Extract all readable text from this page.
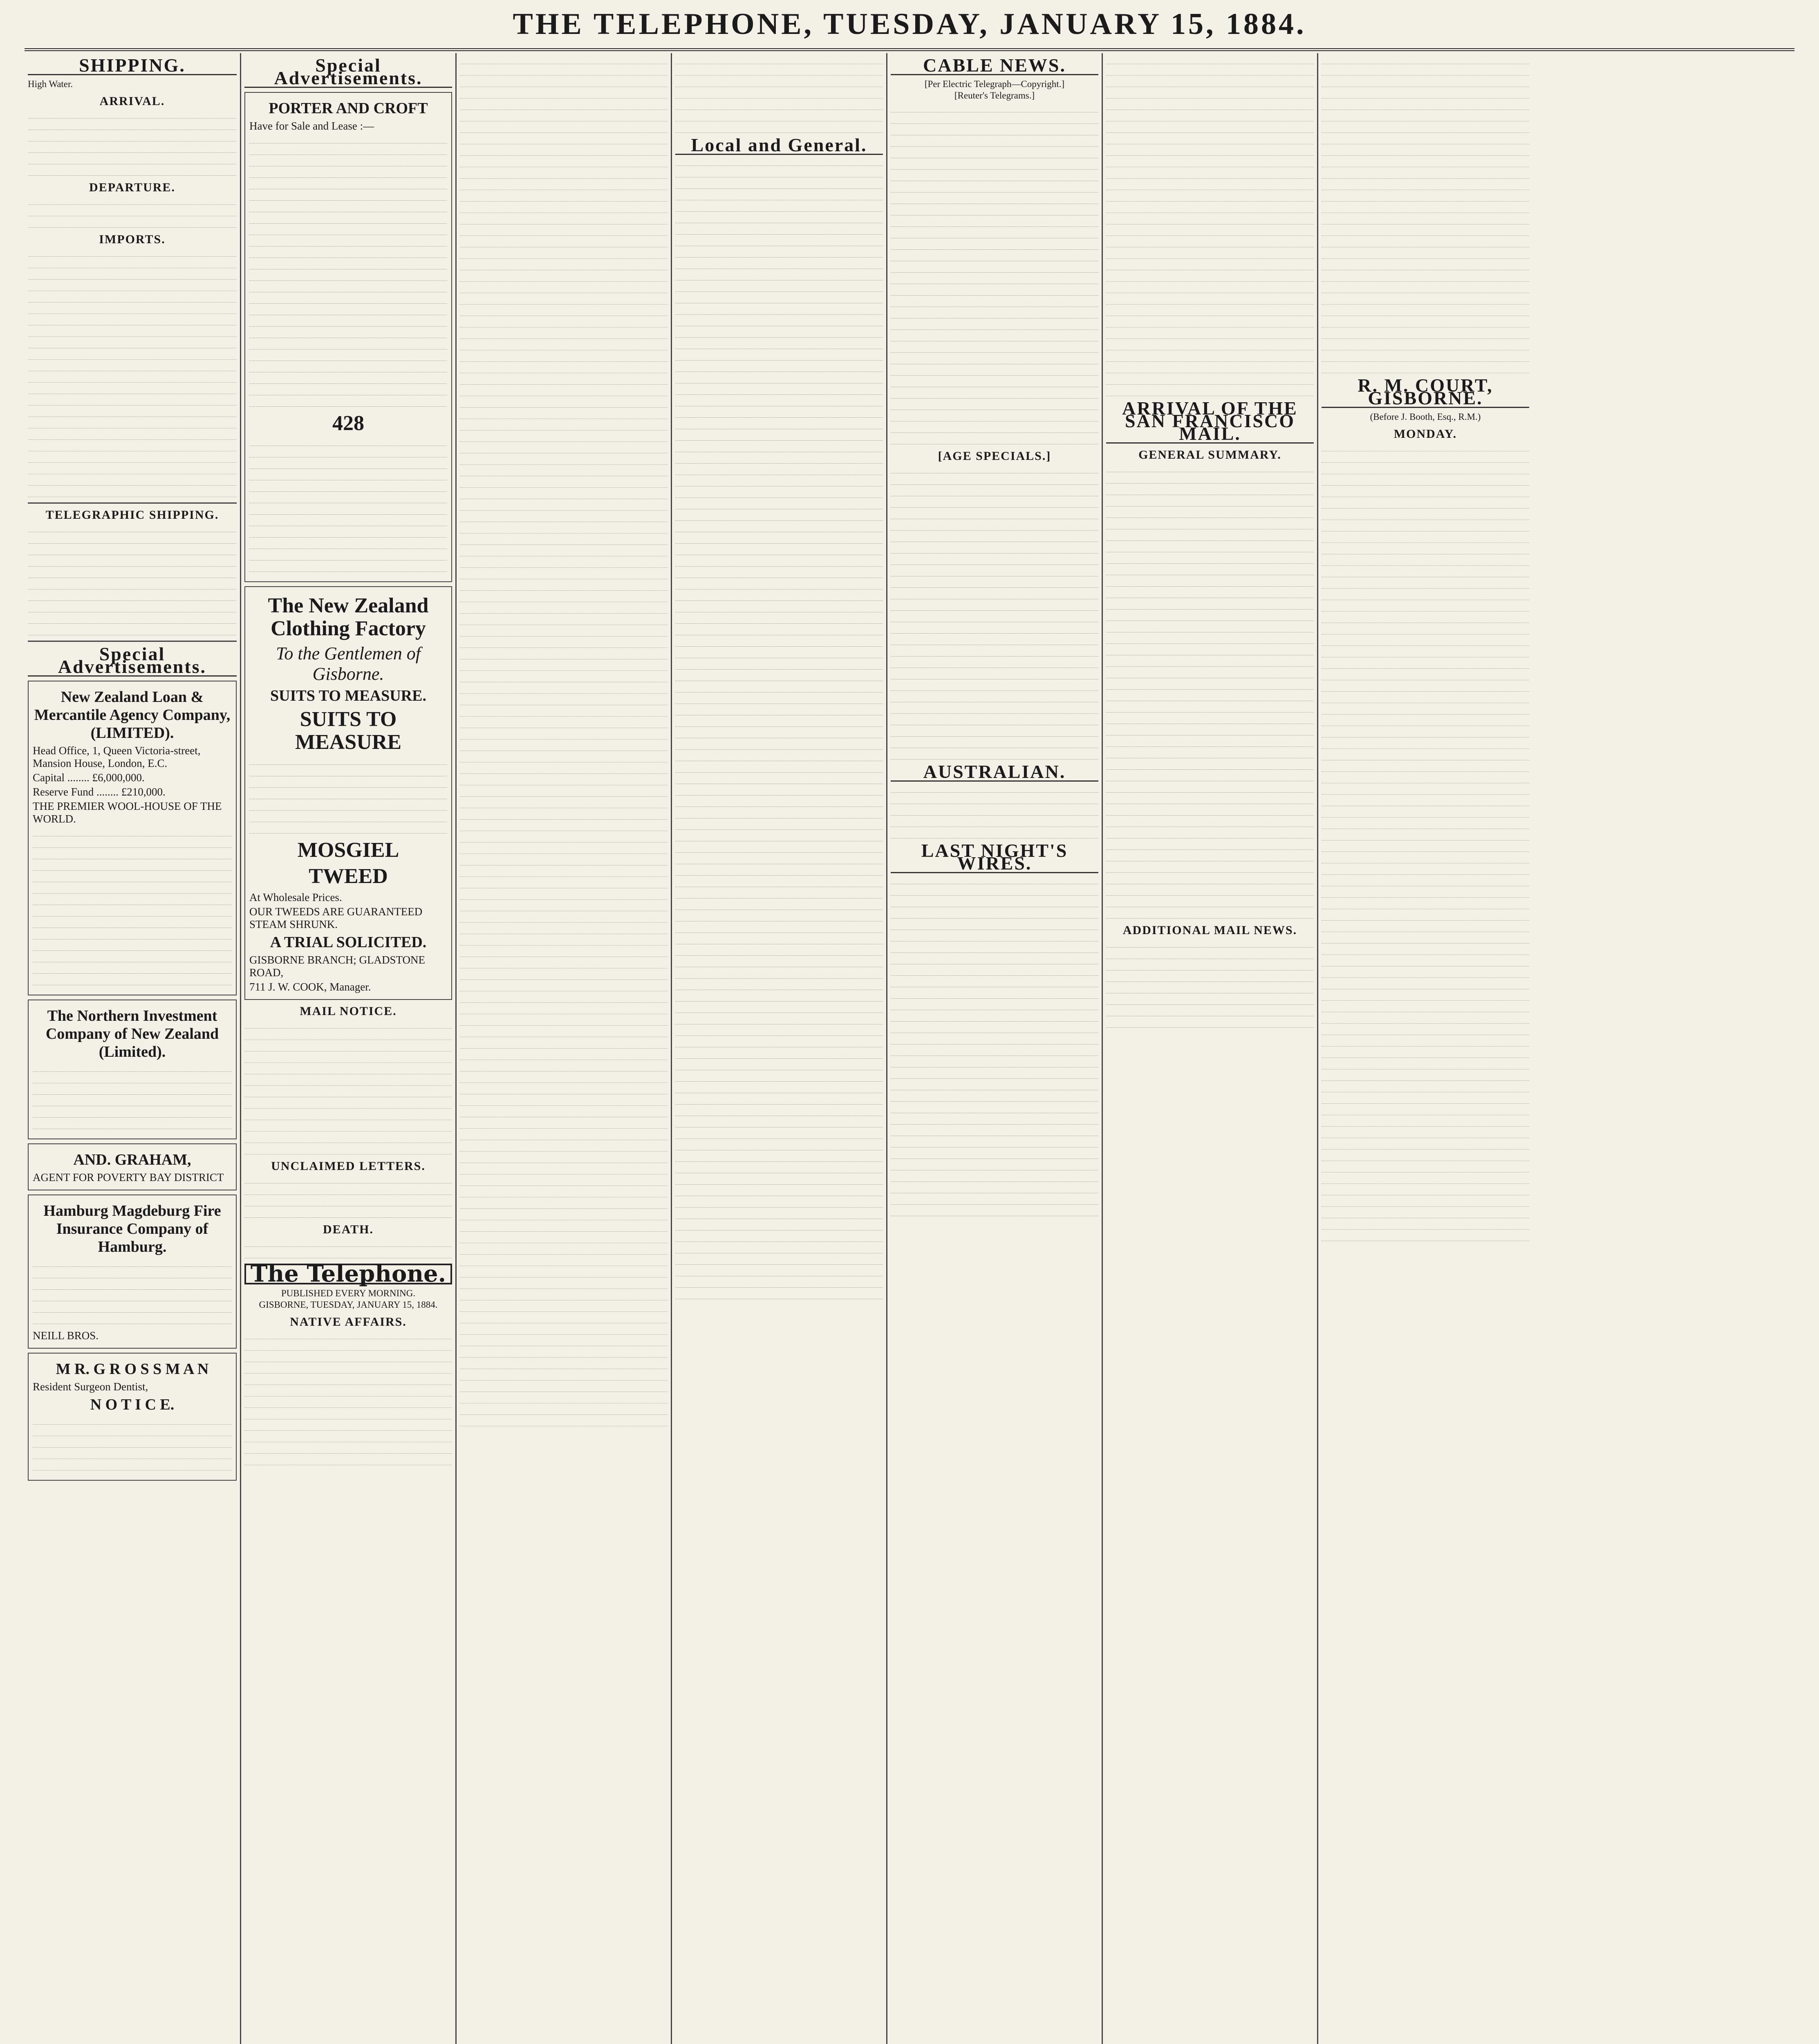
THE TELEPHONE, TUESDAY, JANUARY 15, 1884.
SHIPPING.
High Water.
ARRIVAL.
DEPARTURE.
IMPORTS.
TELEGRAPHIC SHIPPING.
Special Advertisements.
New Zealand Loan & Mercantile Agency Company, (LIMITED).
Head Office, 1, Queen Victoria-street, Mansion House, London, E.C.
Capital ........ £6,000,000.
Reserve Fund ........ £210,000.
THE PREMIER WOOL-HOUSE OF THE WORLD.
The Northern Investment Company of New Zealand (Limited).
AND. GRAHAM,
AGENT FOR POVERTY BAY DISTRICT
Hamburg Magdeburg Fire Insurance Company of Hamburg.
NEILL BROS.
M R. G R O S S M A N
Resident Surgeon Dentist,
N O T I C E.
Special Advertisements.
PORTER AND CROFT
Have for Sale and Lease :—
428
The New Zealand Clothing Factory
To the Gentlemen of Gisborne.
SUITS TO MEASURE.
SUITS TO MEASURE
MOSGIEL
TWEED
At Wholesale Prices.
OUR TWEEDS ARE GUARANTEED STEAM SHRUNK.
A TRIAL SOLICITED.
GISBORNE BRANCH; GLADSTONE ROAD,
711 J. W. COOK, Manager.
MAIL NOTICE.
UNCLAIMED LETTERS.
DEATH.
The Telephone.
PUBLISHED EVERY MORNING.
GISBORNE, TUESDAY, JANUARY 15, 1884.
NATIVE AFFAIRS.
Local and General.
CABLE NEWS.
[Per Electric Telegraph—Copyright.]
[Reuter's Telegrams.]
[AGE SPECIALS.]
AUSTRALIAN.
LAST NIGHT'S WIRES.
ARRIVAL OF THE SAN FRANCISCO MAIL.
GENERAL SUMMARY.
ADDITIONAL MAIL NEWS.
R. M. COURT, GISBORNE.
(Before J. Booth, Esq., R.M.)
MONDAY.
